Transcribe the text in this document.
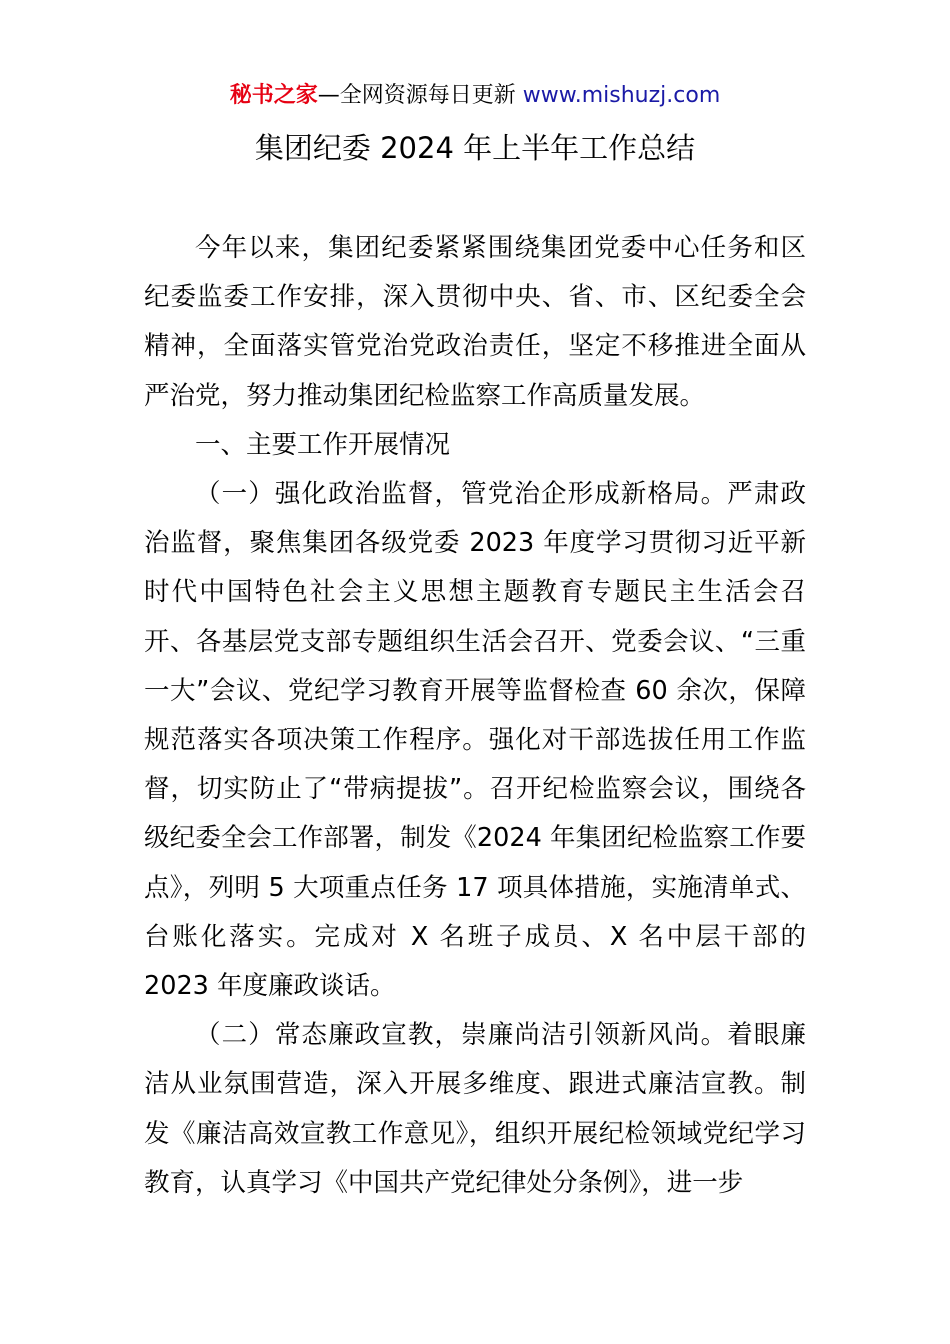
秘书之家—全网资源每日更新 www.mishuzj.com
集团纪委 2024 年上半年工作总结

今年以来，集团纪委紧紧围绕集团党委中心任务和区纪委监委工作安排，深入贯彻中央、省、市、区纪委全会精神，全面落实管党治党政治责任，坚定不移推进全面从严治党，努力推动集团纪检监察工作高质量发展。

一、主要工作开展情况

（一）强化政治监督，管党治企形成新格局。严肃政治监督，聚焦集团各级党委 2023 年度学习贯彻习近平新时代中国特色社会主义思想主题教育专题民主生活会召开、各基层党支部专题组织生活会召开、党委会议、“三重一大”会议、党纪学习教育开展等监督检查 60 余次，保障规范落实各项决策工作程序。强化对干部选拔任用工作监督，切实防止了“带病提拔”。召开纪检监察会议，围绕各级纪委全会工作部署，制发《2024 年集团纪检监察工作要点》，列明 5 大项重点任务 17 项具体措施，实施清单式、台账化落实。完成对 X 名班子成员、X 名中层干部的 2023 年度廉政谈话。

（二）常态廉政宣教，崇廉尚洁引领新风尚。着眼廉洁从业氛围营造，深入开展多维度、跟进式廉洁宣教。制发《廉洁高效宣教工作意见》，组织开展纪检领域党纪学习教育，认真学习《中国共产党纪律处分条例》，进一步
